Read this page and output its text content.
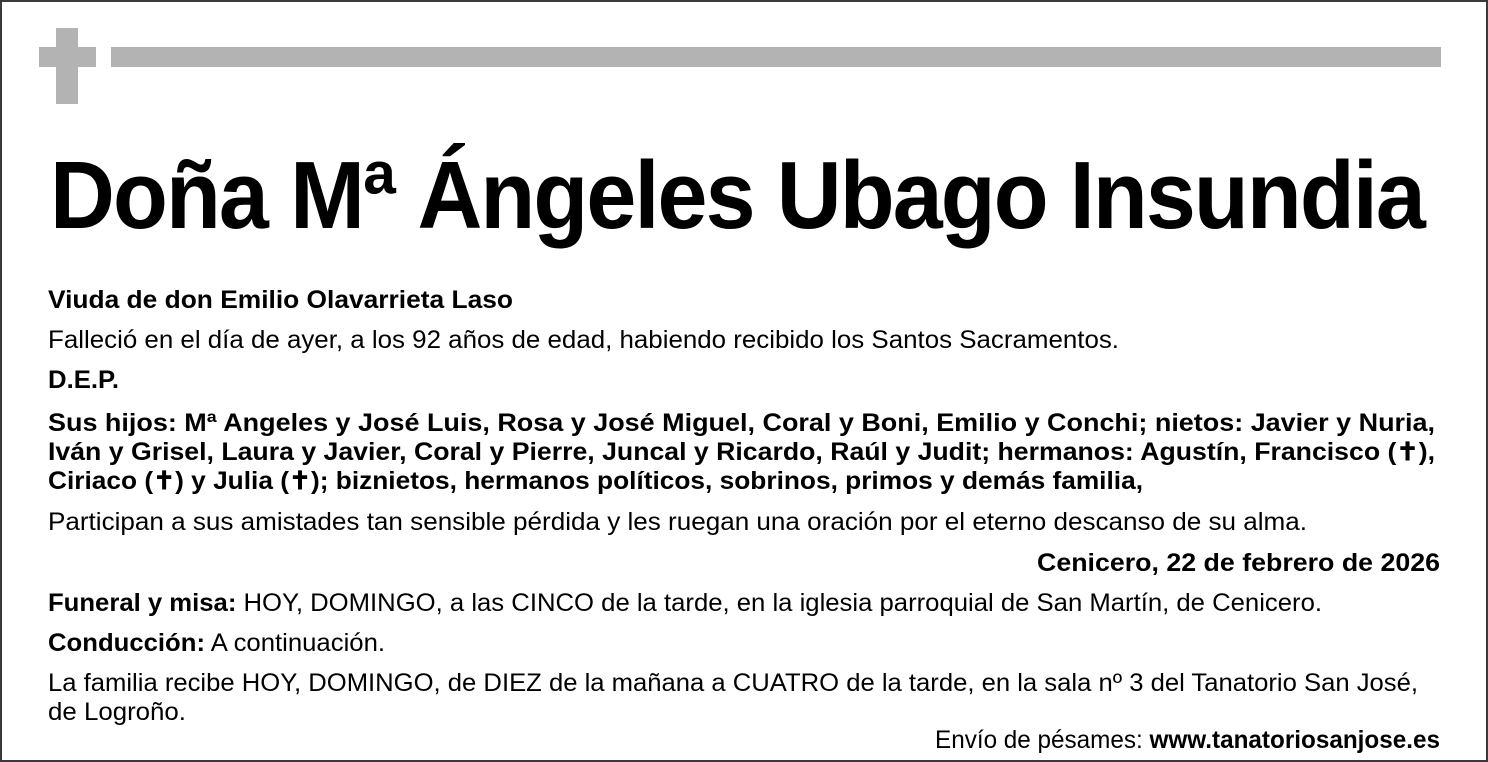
Doña Mª Ángeles Ubago Insundia
Viuda de don Emilio Olavarrieta Laso
Falleció en el día de ayer, a los 92 años de edad, habiendo recibido los Santos Sacramentos.
D.E.P.
Sus hijos: Mª Angeles y José Luis, Rosa y José Miguel, Coral y Boni, Emilio y Conchi; nietos: Javier y Nuria,
Iván y Grisel, Laura y Javier, Coral y Pierre, Juncal y Ricardo, Raúl y Judit; hermanos: Agustín, Francisco (✝),
Ciriaco (✝) y Julia (✝); biznietos, hermanos políticos, sobrinos, primos y demás familia,
Participan a sus amistades tan sensible pérdida y les ruegan una oración por el eterno descanso de su alma.
Cenicero, 22 de febrero de 2026
Funeral y misa: HOY, DOMINGO, a las CINCO de la tarde, en la iglesia parroquial de San Martín, de Cenicero.
Conducción: A continuación.
La familia recibe HOY, DOMINGO, de DIEZ de la mañana a CUATRO de la tarde, en la sala nº 3 del Tanatorio San José,
de Logroño.
Envío de pésames: www.tanatoriosanjose.es
